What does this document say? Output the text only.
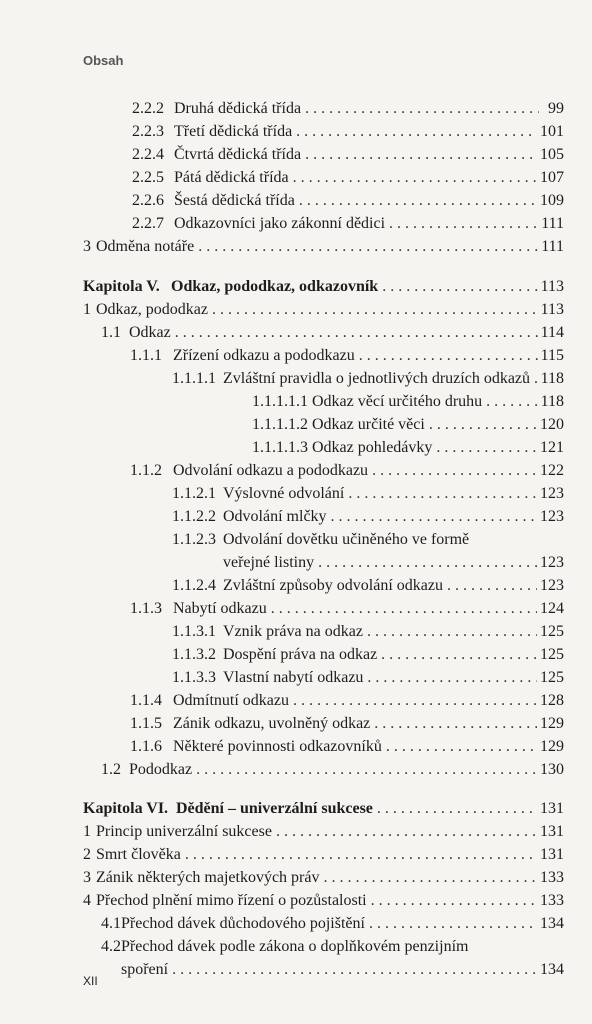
Obsah
2.2.2 Druhá dědická třída . . .	99
2.2.3 Třetí dědická třída . . .	101
2.2.4 Čtvrtá dědická třída . . .	105
2.2.5 Pátá dědická třída . . .	107
2.2.6 Šestá dědická třída . . .	109
2.2.7 Odkazovníci jako zákonní dědici . . .	111
3 Odměna notáře . . .	111
Kapitola V. Odkaz, pododkaz, odkazovník . . .	113
1 Odkaz, pododkaz . . .	113
1.1 Odkaz . . .	114
1.1.1 Zřízení odkazu a pododkazu . . .	115
1.1.1.1 Zvláštní pravidla o jednotlivých druzích odkazů . . . 118
1.1.1.1.1 Odkaz věcí určitého druhu . . .	118
1.1.1.1.2 Odkaz určité věci . . .	120
1.1.1.1.3 Odkaz pohledávky . . .	121
1.1.2 Odvolání odkazu a pododkazu . . .	122
1.1.2.1 Výslovné odvolání . . .	123
1.1.2.2 Odvolání mlčky . . .	123
1.1.2.3 Odvolání dovětku učiněného ve formě
veřejné listiny . . .	123
1.1.2.4 Zvláštní způsoby odvolání odkazu . . .	123
1.1.3 Nabytí odkazu . . .	124
1.1.3.1 Vznik práva na odkaz . . .	125
1.1.3.2 Dospění práva na odkaz . . .	125
1.1.3.3 Vlastní nabytí odkazu . . .	125
1.1.4 Odmítnutí odkazu . . .	128
1.1.5 Zánik odkazu, uvolněný odkaz . . .	129
1.1.6 Některé povinnosti odkazovníků . . .	129
1.2 Pododkaz . . .	130
Kapitola VI. Dědění – univerzální sukcese . . .	131
1 Princip univerzální sukcese . . .	131
2 Smrt člověka . . .	131
3 Zánik některých majetkových práv . . .	133
4 Přechod plnění mimo řízení o pozůstalosti . . .	133
4.1 Přechod dávek důchodového pojištění . . .	134
4.2Přechod dávek podle zákona o doplňkovém penzijním
spoření . . .	134
XII
